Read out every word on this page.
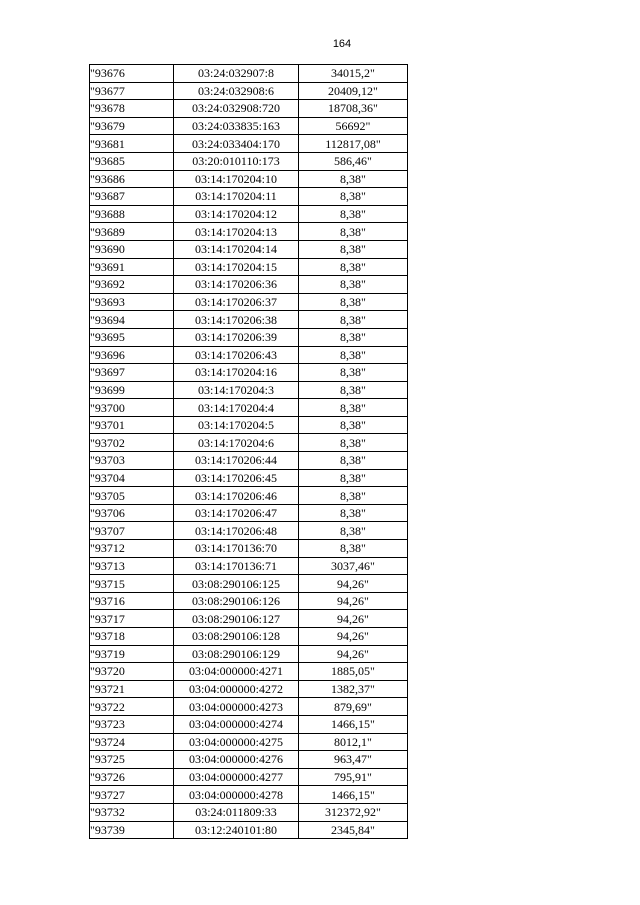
164
"93676	03:24:032907:8	34015,2"
"93677	03:24:032908:6	20409,12"
"93678	03:24:032908:720	18708,36"
"93679	03:24:033835:163	56692"
"93681	03:24:033404:170	112817,08"
"93685	03:20:010110:173	586,46"
"93686	03:14:170204:10	8,38"
"93687	03:14:170204:11	8,38"
"93688	03:14:170204:12	8,38"
"93689	03:14:170204:13	8,38"
"93690	03:14:170204:14	8,38"
"93691	03:14:170204:15	8,38"
"93692	03:14:170206:36	8,38"
"93693	03:14:170206:37	8,38"
"93694	03:14:170206:38	8,38"
"93695	03:14:170206:39	8,38"
"93696	03:14:170206:43	8,38"
"93697	03:14:170204:16	8,38"
"93699	03:14:170204:3	8,38"
"93700	03:14:170204:4	8,38"
"93701	03:14:170204:5	8,38"
"93702	03:14:170204:6	8,38"
"93703	03:14:170206:44	8,38"
"93704	03:14:170206:45	8,38"
"93705	03:14:170206:46	8,38"
"93706	03:14:170206:47	8,38"
"93707	03:14:170206:48	8,38"
"93712	03:14:170136:70	8,38"
"93713	03:14:170136:71	3037,46"
"93715	03:08:290106:125	94,26"
"93716	03:08:290106:126	94,26"
"93717	03:08:290106:127	94,26"
"93718	03:08:290106:128	94,26"
"93719	03:08:290106:129	94,26"
"93720	03:04:000000:4271	1885,05"
"93721	03:04:000000:4272	1382,37"
"93722	03:04:000000:4273	879,69"
"93723	03:04:000000:4274	1466,15"
"93724	03:04:000000:4275	8012,1"
"93725	03:04:000000:4276	963,47"
"93726	03:04:000000:4277	795,91"
"93727	03:04:000000:4278	1466,15"
"93732	03:24:011809:33	312372,92"
"93739	03:12:240101:80	2345,84"
